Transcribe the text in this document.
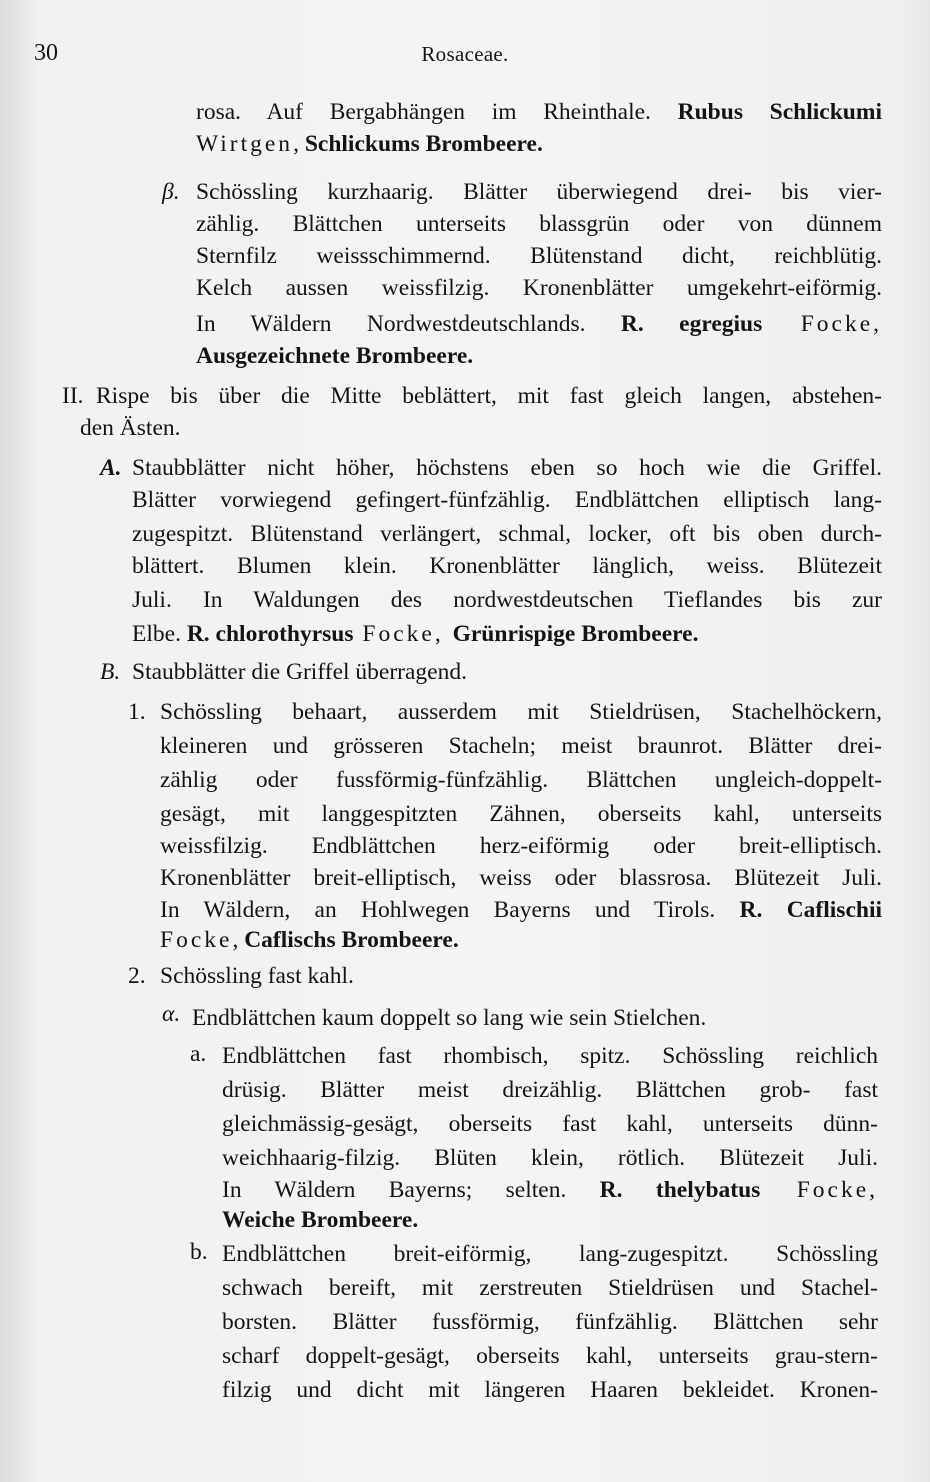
30	Rosaceae.
rosa. Auf Bergabhängen im Rheinthale. Rubus Schlickumi
Wirtgen, Schlickums Brombeere.
β. Schössling kurzhaarig. Blätter überwiegend drei- bis vier-
zählig. Blättchen unterseits blassgrün oder von dünnem
Sternfilz weissschimmernd. Blütenstand dicht, reichblütig.
Kelch aussen weissfilzig. Kronenblätter umgekehrt-eiförmig.
In Wäldern Nordwestdeutschlands. R. egregius Focke,
Ausgezeichnete Brombeere.
II. Rispe bis über die Mitte beblättert, mit fast gleich langen, abstehen-
den Ästen.
A. Staubblätter nicht höher, höchstens eben so hoch wie die Griffel.
Blätter vorwiegend gefingert-fünfzählig. Endblättchen elliptisch lang-
zugespitzt. Blütenstand verlängert, schmal, locker, oft bis oben durch-
blättert. Blumen klein. Kronenblätter länglich, weiss. Blütezeit
Juli. In Waldungen des nordwestdeutschen Tieflandes bis zur
Elbe. R. chlorothyrsus Focke, Grünrispige Brombeere.
B. Staubblätter die Griffel überragend.
1. Schössling behaart, ausserdem mit Stieldrüsen, Stachelhöckern,
kleineren und grösseren Stacheln; meist braunrot. Blätter drei-
zählig oder fussförmig-fünfzählig. Blättchen ungleich-doppelt-
gesägt, mit langgespitzten Zähnen, oberseits kahl, unterseits
weissfilzig. Endblättchen herz-eiförmig oder breit-elliptisch.
Kronenblätter breit-elliptisch, weiss oder blassrosa. Blütezeit Juli.
In Wäldern, an Hohlwegen Bayerns und Tirols. R. Caflischii
Focke, Caflischs Brombeere.
2. Schössling fast kahl.
α. Endblättchen kaum doppelt so lang wie sein Stielchen.
a. Endblättchen fast rhombisch, spitz. Schössling reichlich
drüsig. Blätter meist dreizählig. Blättchen grob- fast
gleichmässig-gesägt, oberseits fast kahl, unterseits dünn-
weichhaarig-filzig. Blüten klein, rötlich. Blütezeit Juli.
In Wäldern Bayerns; selten. R. thelybatus Focke,
Weiche Brombeere.
b. Endblättchen breit-eiförmig, lang-zugespitzt. Schössling
schwach bereift, mit zerstreuten Stieldrüsen und Stachel-
borsten. Blätter fussförmig, fünfzählig. Blättchen sehr
scharf doppelt-gesägt, oberseits kahl, unterseits grau-stern-
filzig und dicht mit längeren Haaren bekleidet. Kronen-
